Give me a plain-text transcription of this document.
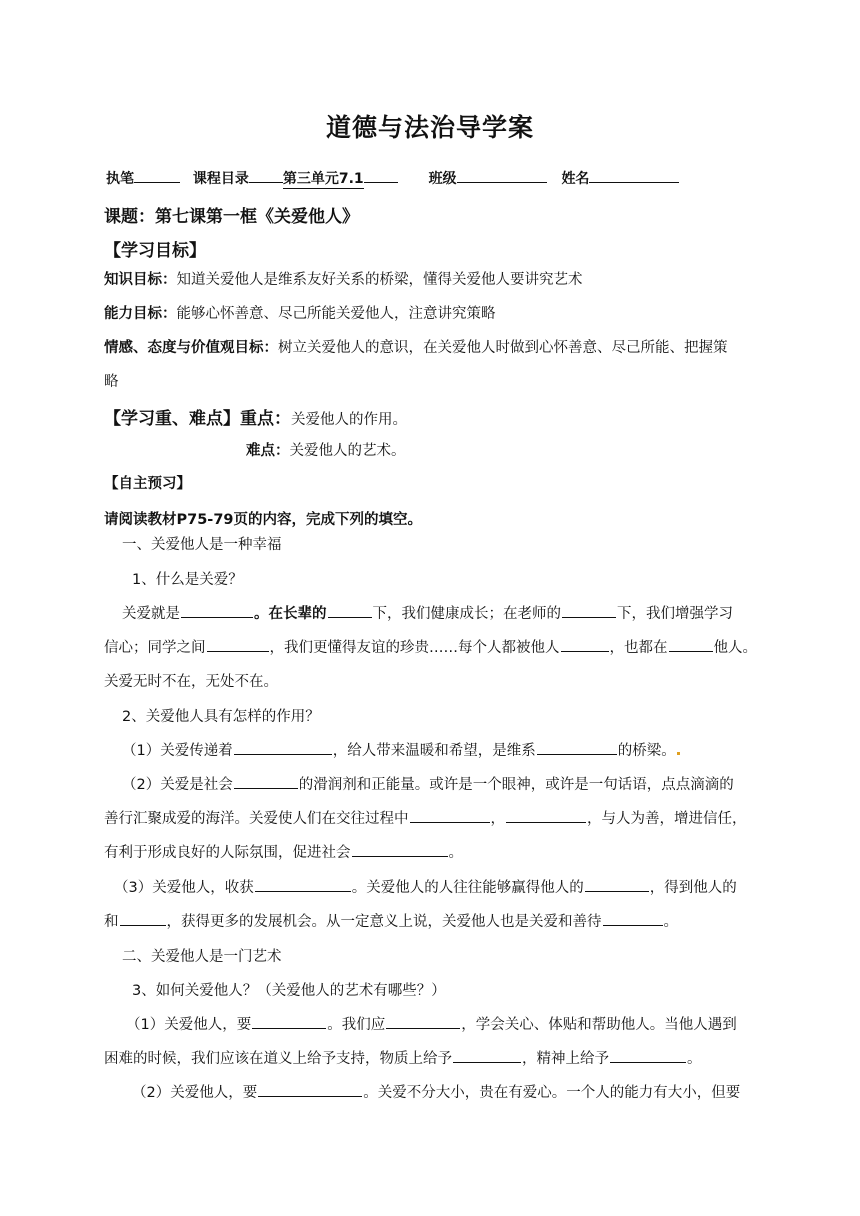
道德与法治导学案
执笔	课程目录 第三单元7.1	班级	姓名
课题：第七课第一框《关爱他人》
【学习目标】
知识目标：知道关爱他人是维系友好关系的桥梁，懂得关爱他人要讲究艺术
能力目标：能够心怀善意、尽己所能关爱他人，注意讲究策略
情感、态度与价值观目标：树立关爱他人的意识，在关爱他人时做到心怀善意、尽己所能、把握策
略
【学习重、难点】重点：关爱他人的作用。
难点：关爱他人的艺术。
【自主预习】
请阅读教材P75-79页的内容，完成下列的填空。
一、关爱他人是一种幸福
1、什么是关爱？
关爱就是	。在长辈的	下，我们健康成长；在老师的	下，我们增强学习
信心；同学之间	，我们更懂得友谊的珍贵……每个人都被他人	，也都在	他人。
关爱无时不在，无处不在。
2、关爱他人具有怎样的作用？
（1）关爱传递着	，给人带来温暖和希望，是维系	的桥梁。
（2）关爱是社会	的滑润剂和正能量。或许是一个眼神，或许是一句话语，点点滴滴的
善行汇聚成爱的海洋。关爱使人们在交往过程中	，	，与人为善，增进信任，
有利于形成良好的人际氛围，促进社会	。
（3）关爱他人，收获	。关爱他人的人往往能够赢得他人的	，得到他人的
和	，获得更多的发展机会。从一定意义上说，关爱他人也是关爱和善待	。
二、关爱他人是一门艺术
3、如何关爱他人？（关爱他人的艺术有哪些？）
（1）关爱他人，要	。我们应	，学会关心、体贴和帮助他人。当他人遇到
困难的时候，我们应该在道义上给予支持，物质上给予	，精神上给予	。
（2）关爱他人，要	。关爱不分大小，贵在有爱心。一个人的能力有大小，但要
